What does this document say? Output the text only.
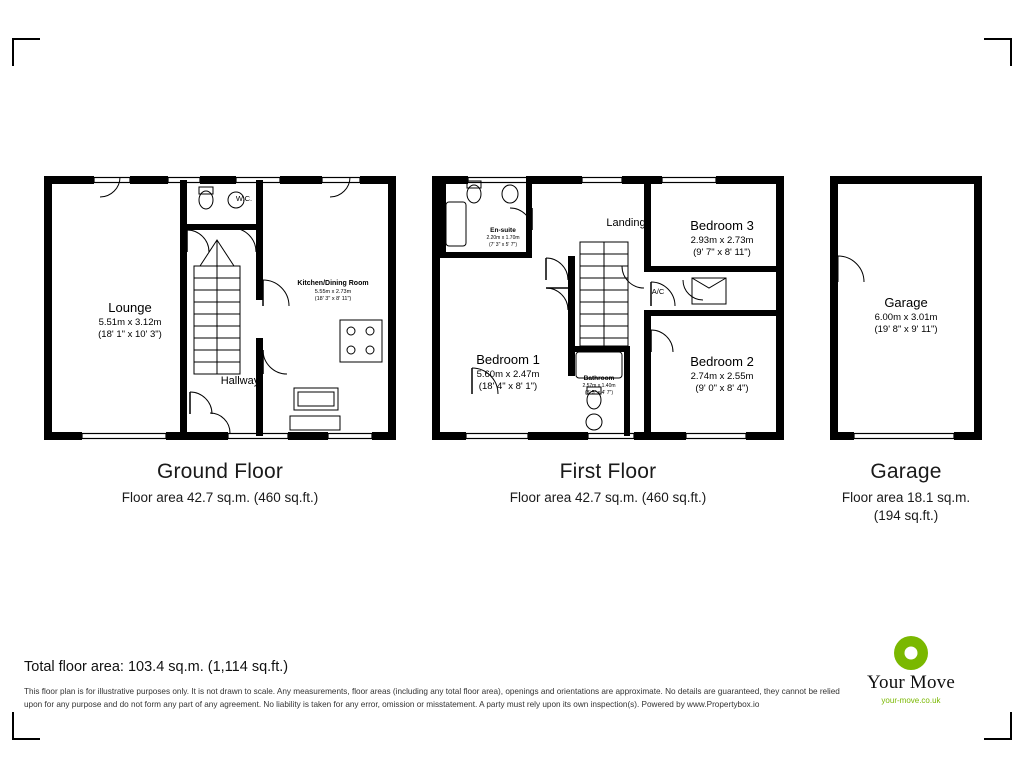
Lounge
5.51m x 3.12m
(18' 1" x 10' 3")
Kitchen/Dining Room
5.55m x 2.73m
(18' 3" x 8' 11")
Hallway
W.C.
Ground Floor
Floor area 42.7 sq.m. (460 sq.ft.)
Bedroom 1
5.60m x 2.47m
(18' 4" x 8' 1")
Bedroom 2
2.74m x 2.55m
(9' 0" x 8' 4")
Bedroom 3
2.93m x 2.73m
(9' 7" x 8' 11")
En-suite
2.20m x 1.70m
(7' 3" x 5' 7")
Bathroom
2.57m x 1.40m
(8' 5" x 4' 7")
Landing
A/C
First Floor
Floor area 42.7 sq.m. (460 sq.ft.)
Garage
6.00m x 3.01m
(19' 8" x 9' 11")
Garage
Floor area 18.1 sq.m.
(194 sq.ft.)
Total floor area: 103.4 sq.m. (1,114 sq.ft.)
This floor plan is for illustrative purposes only. It is not drawn to scale. Any measurements, floor areas (including any total floor area), openings and orientations are approximate. No details are guaranteed, they cannot be relied upon for any purpose and do not form any part of any agreement. No liability is taken for any error, omission or misstatement. A party must rely upon its own inspection(s). Powered by www.Propertybox.io
Your Move
your-move.co.uk
